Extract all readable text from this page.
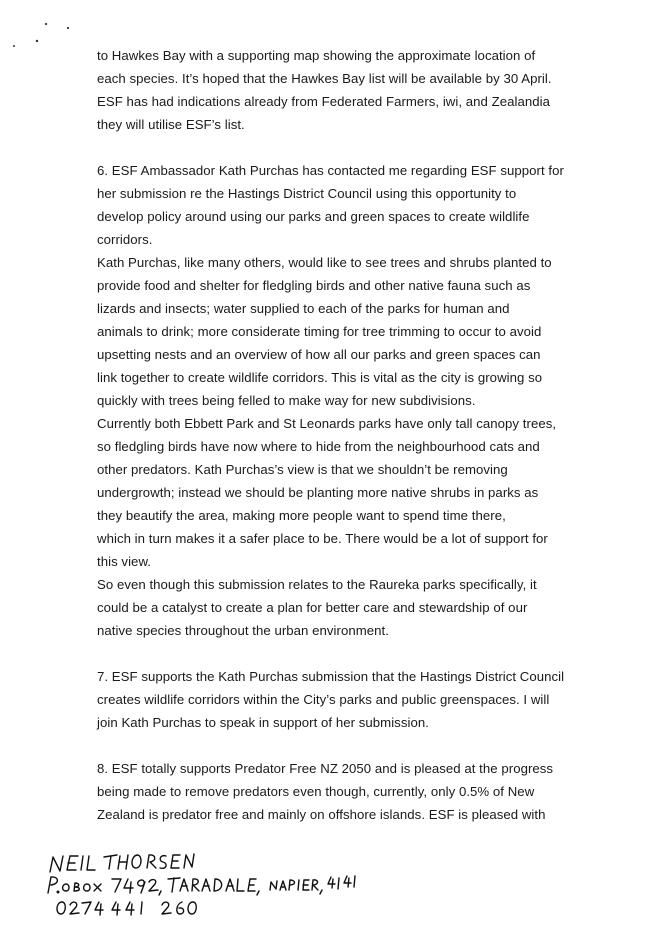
to Hawkes Bay with a supporting map showing the approximate location of
each species. It’s hoped that the Hawkes Bay list will be available by 30 April.
ESF has had indications already from Federated Farmers, iwi, and Zealandia
they will utilise ESF’s list.

6. ESF Ambassador Kath Purchas has contacted me regarding ESF support for
her submission re the Hastings District Council using this opportunity to
develop policy around using our parks and green spaces to create wildlife
corridors.
Kath Purchas, like many others, would like to see trees and shrubs planted to
provide food and shelter for fledgling birds and other native fauna such as
lizards and insects; water supplied to each of the parks for human and
animals to drink; more considerate timing for tree trimming to occur to avoid
upsetting nests and an overview of how all our parks and green spaces can
link together to create wildlife corridors. This is vital as the city is growing so
quickly with trees being felled to make way for new subdivisions.
Currently both Ebbett Park and St Leonards parks have only tall canopy trees,
so fledgling birds have now where to hide from the neighbourhood cats and
other predators. Kath Purchas’s view is that we shouldn’t be removing
undergrowth; instead we should be planting more native shrubs in parks as
they beautify the area, making more people want to spend time there,
which in turn makes it a safer place to be. There would be a lot of support for
this view.
So even though this submission relates to the Raureka parks specifically, it
could be a catalyst to create a plan for better care and stewardship of our
native species throughout the urban environment.

7. ESF supports the Kath Purchas submission that the Hastings District Council
creates wildlife corridors within the City’s parks and public greenspaces. I will
join Kath Purchas to speak in support of her submission.

8. ESF totally supports Predator Free NZ 2050 and is pleased at the progress
being made to remove predators even though, currently, only 0.5% of New
Zealand is predator free and mainly on offshore islands. ESF is pleased with
